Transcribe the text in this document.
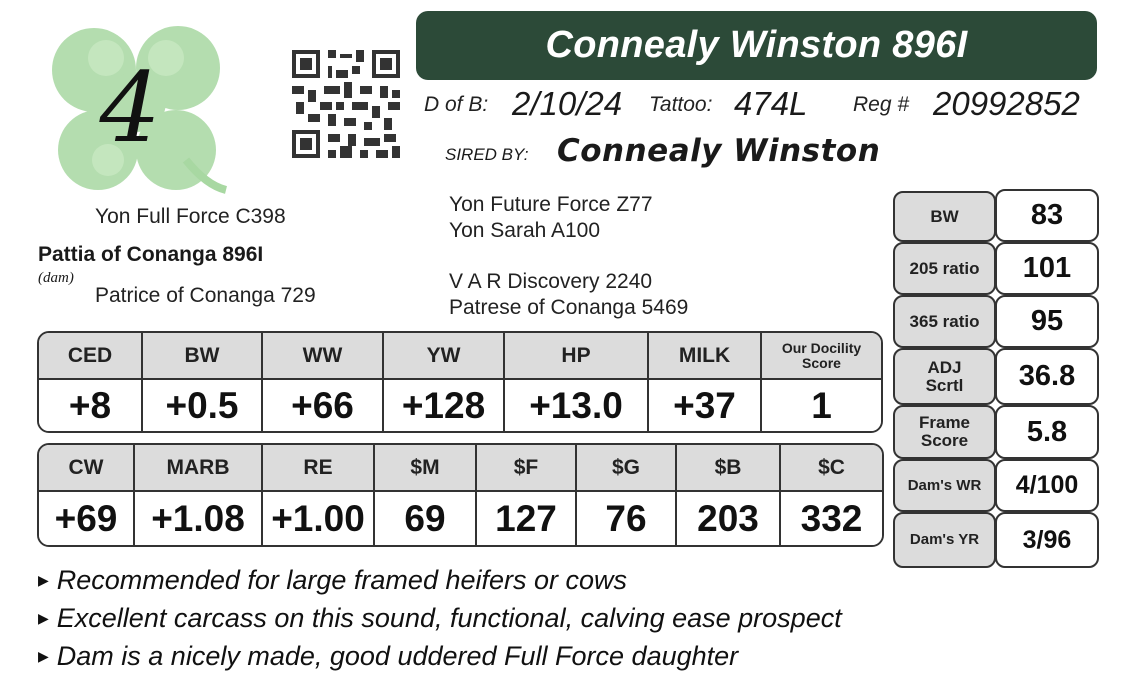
4
Connealy Winston 896I
D of B: 2/10/24 Tattoo: 474L Reg # 20992852
SIRED BY: Connealy Winston
Yon Full Force C398
Pattia of Conanga 896I
(dam)
Patrice of Conanga 729
Yon Future Force Z77
Yon Sarah A100
V A R Discovery 2240
Patrese of Conanga 5469
CED	BW	WW	YW	HP	MILK	Our Docility Score
+8	+0.5	+66	+128	+13.0	+37	1
CW	MARB	RE	$M	$F	$G	$B	$C
+69 +1.08 +1.00	69	127	76	203	332
BW	83
205 ratio	101
365 ratio	95
ADJ Scrtl	36.8
Frame Score	5.8
Dam's WR	4/100
Dam's YR	3/96
▶ Recommended for large framed heifers or cows
▶ Excellent carcass on this sound, functional, calving ease prospect
▶ Dam is a nicely made, good uddered Full Force daughter
